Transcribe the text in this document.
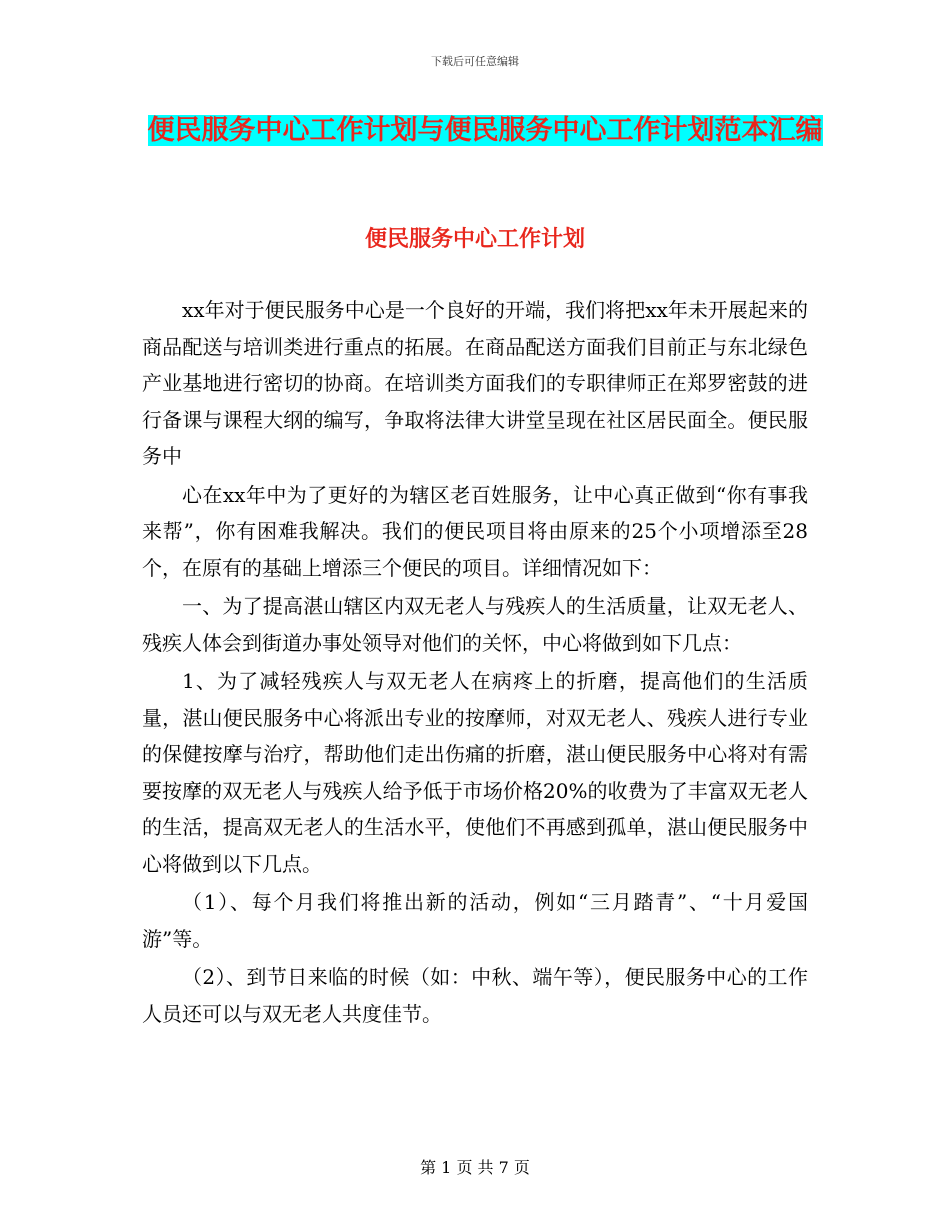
下载后可任意编辑
便民服务中心工作计划与便民服务中心工作计划范本汇编
便民服务中心工作计划

xx年对于便民服务中心是一个良好的开端，我们将把xx年未开展起来的商品配送与培训类进行重点的拓展。在商品配送方面我们目前正与东北绿色产业基地进行密切的协商。在培训类方面我们的专职律师正在郑罗密鼓的进行备课与课程大纲的编写，争取将法律大讲堂呈现在社区居民面全。便民服务中

心在xx年中为了更好的为辖区老百姓服务，让中心真正做到“你有事我来帮”，你有困难我解决。我们的便民项目将由原来的25个小项增添至28个，在原有的基础上增添三个便民的项目。详细情况如下：

一、为了提高湛山辖区内双无老人与残疾人的生活质量，让双无老人、残疾人体会到街道办事处领导对他们的关怀，中心将做到如下几点：

1、为了减轻残疾人与双无老人在病疼上的折磨，提高他们的生活质量，湛山便民服务中心将派出专业的按摩师，对双无老人、残疾人进行专业的保健按摩与治疗，帮助他们走出伤痛的折磨，湛山便民服务中心将对有需要按摩的双无老人与残疾人给予低于市场价格20%的收费为了丰富双无老人的生活，提高双无老人的生活水平，使他们不再感到孤单，湛山便民服务中心将做到以下几点。

（1）、每个月我们将推出新的活动，例如“三月踏青”、“十月爱国游”等。

（2）、到节日来临的时候（如：中秋、端午等），便民服务中心的工作人员还可以与双无老人共度佳节。

第 1 页 共 7 页
